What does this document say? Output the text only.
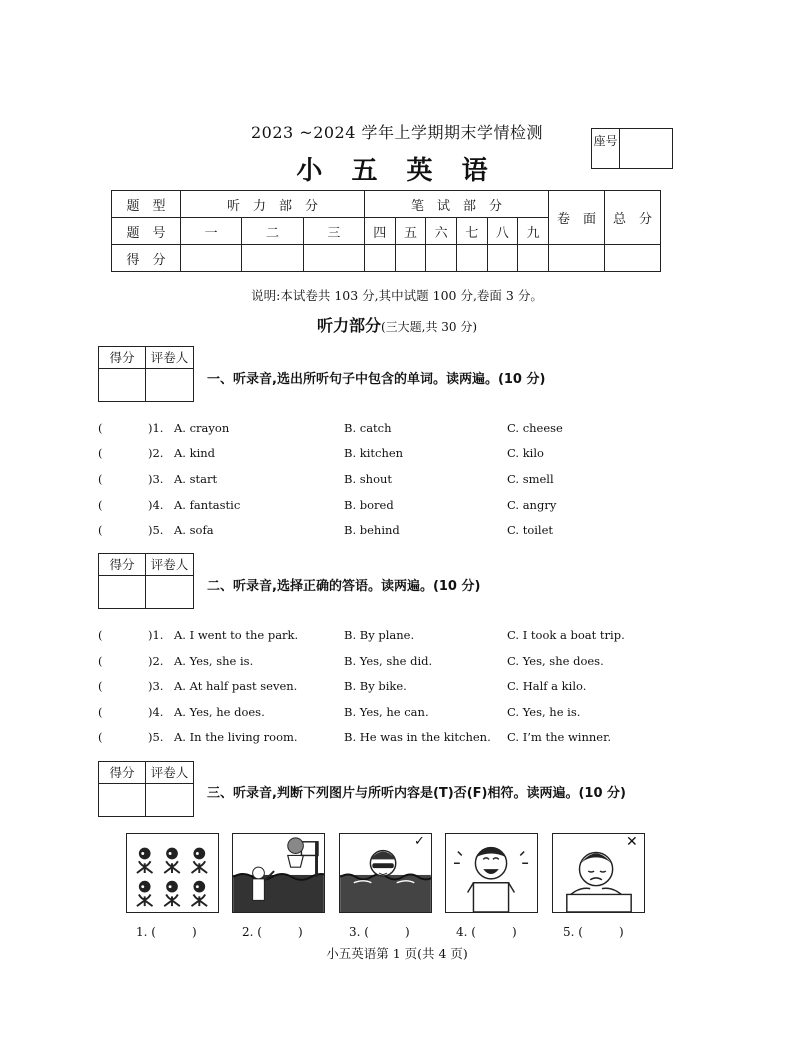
2023 ~2024 学年上学期期末学情检测
小 五 英 语
座号
题　型	听　力　部　分			笔　试　部　分						卷　面	总　分
题　号	一	二	三	四	五	六	七	八	九		
得　分											
说明:本试卷共 103 分,其中试题 100 分,卷面 3 分。
听力部分(三大题,共 30 分)
得分	评卷人
一、听录音,选出所听句子中包含的单词。读两遍。(10 分)
(	)1. A. crayon	B. catch	C. cheese
(	)2. A. kind	B. kitchen	C. kilo
(	)3. A. start	B. shout	C. smell
(	)4. A. fantastic	B. bored	C. angry
(	)5. A. sofa	B. behind	C. toilet
得分	评卷人
二、听录音,选择正确的答语。读两遍。(10 分)
(	)1. A. I went to the park.	B. By plane.	C. I took a boat trip.
(	)2. A. Yes, she is.	B. Yes, she did.	C. Yes, she does.
(	)3. A. At half past seven.	B. By bike.	C. Half a kilo.
(	)4. A. Yes, he does.	B. Yes, he can.	C. Yes, he is.
(	)5. A. In the living room.	B. He was in the kitchen. C. I’m the winner.
得分	评卷人
三、听录音,判断下列图片与所听内容是(T)否(F)相符。读两遍。(10 分)
✓	✕
1. (　　　)	2. (　　　)	3. (　　　)	4. (　　　)	5. (　　　)
小五英语第 1 页(共 4 页)
